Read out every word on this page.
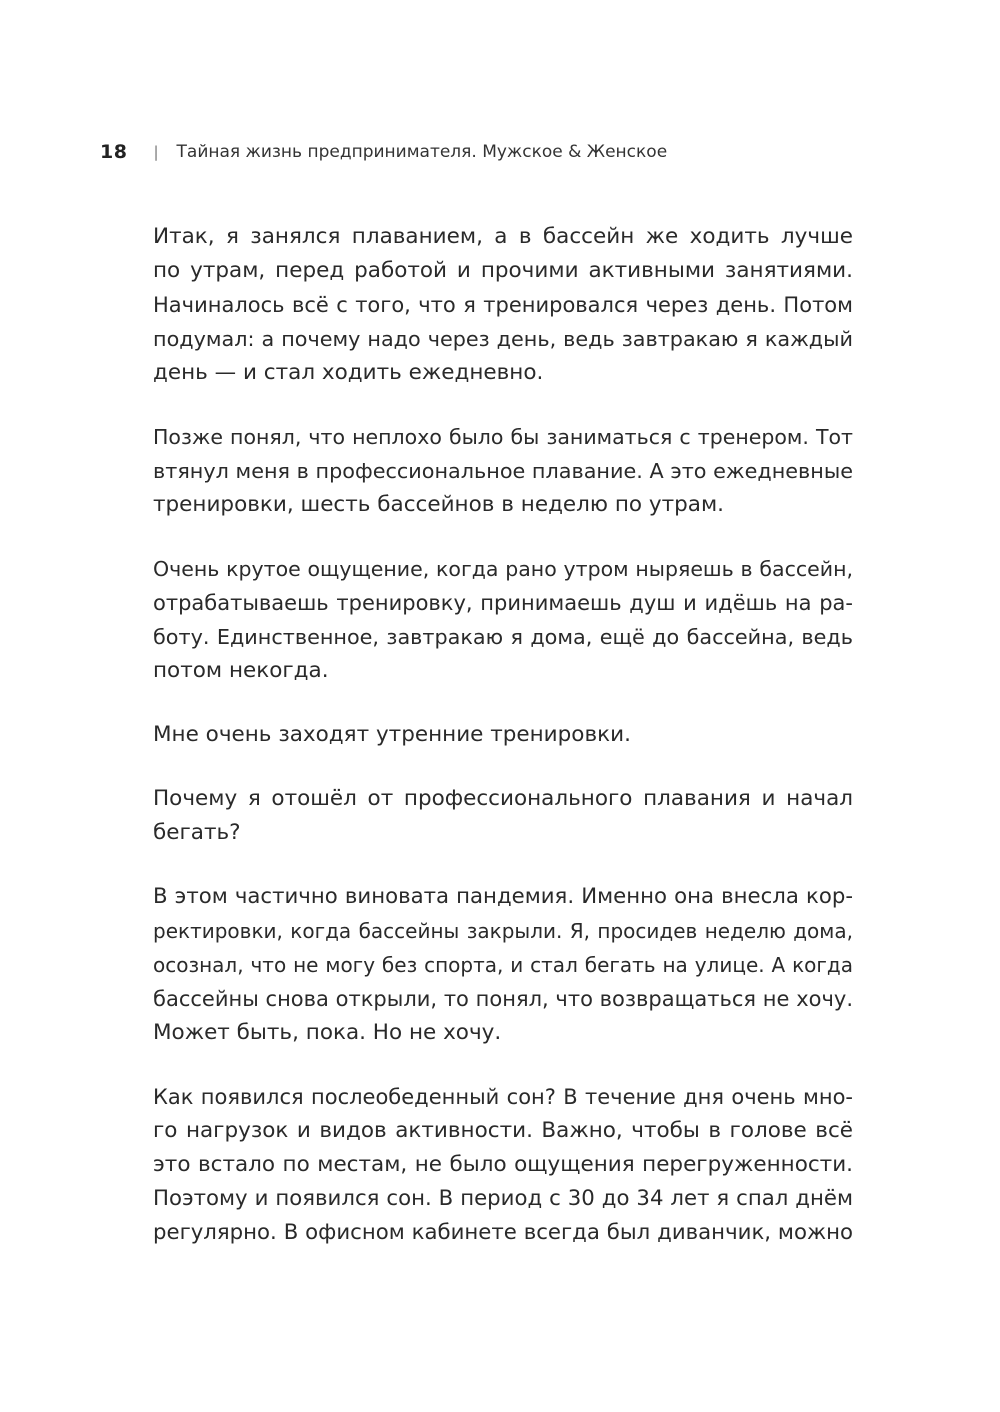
18 | Тайная жизнь предпринимателя. Мужское & Женское
Итак, я занялся плаванием, а в бассейн же ходить лучше
по утрам, перед работой и прочими активными занятиями.
Начиналось всё с того, что я тренировался через день. Потом
подумал: а почему надо через день, ведь завтракаю я каждый
день — и стал ходить ежедневно.
Позже понял, что неплохо было бы заниматься с тренером. Тот
втянул меня в профессиональное плавание. А это ежедневные
тренировки, шесть бассейнов в неделю по утрам.
Очень крутое ощущение, когда рано утром ныряешь в бассейн,
отрабатываешь тренировку, принимаешь душ и идёшь на ра-
боту. Единственное, завтракаю я дома, ещё до бассейна, ведь
потом некогда.
Мне очень заходят утренние тренировки.
Почему я отошёл от профессионального плавания и начал
бегать?
В этом частично виновата пандемия. Именно она внесла кор-
ректировки, когда бассейны закрыли. Я, просидев неделю дома,
осознал, что не могу без спорта, и стал бегать на улице. А когда
бассейны снова открыли, то понял, что возвращаться не хочу.
Может быть, пока. Но не хочу.
Как появился послеобеденный сон? В течение дня очень мно-
го нагрузок и видов активности. Важно, чтобы в голове всё
это встало по местам, не было ощущения перегруженности.
Поэтому и появился сон. В период с 30 до 34 лет я спал днём
регулярно. В офисном кабинете всегда был диванчик, можно
